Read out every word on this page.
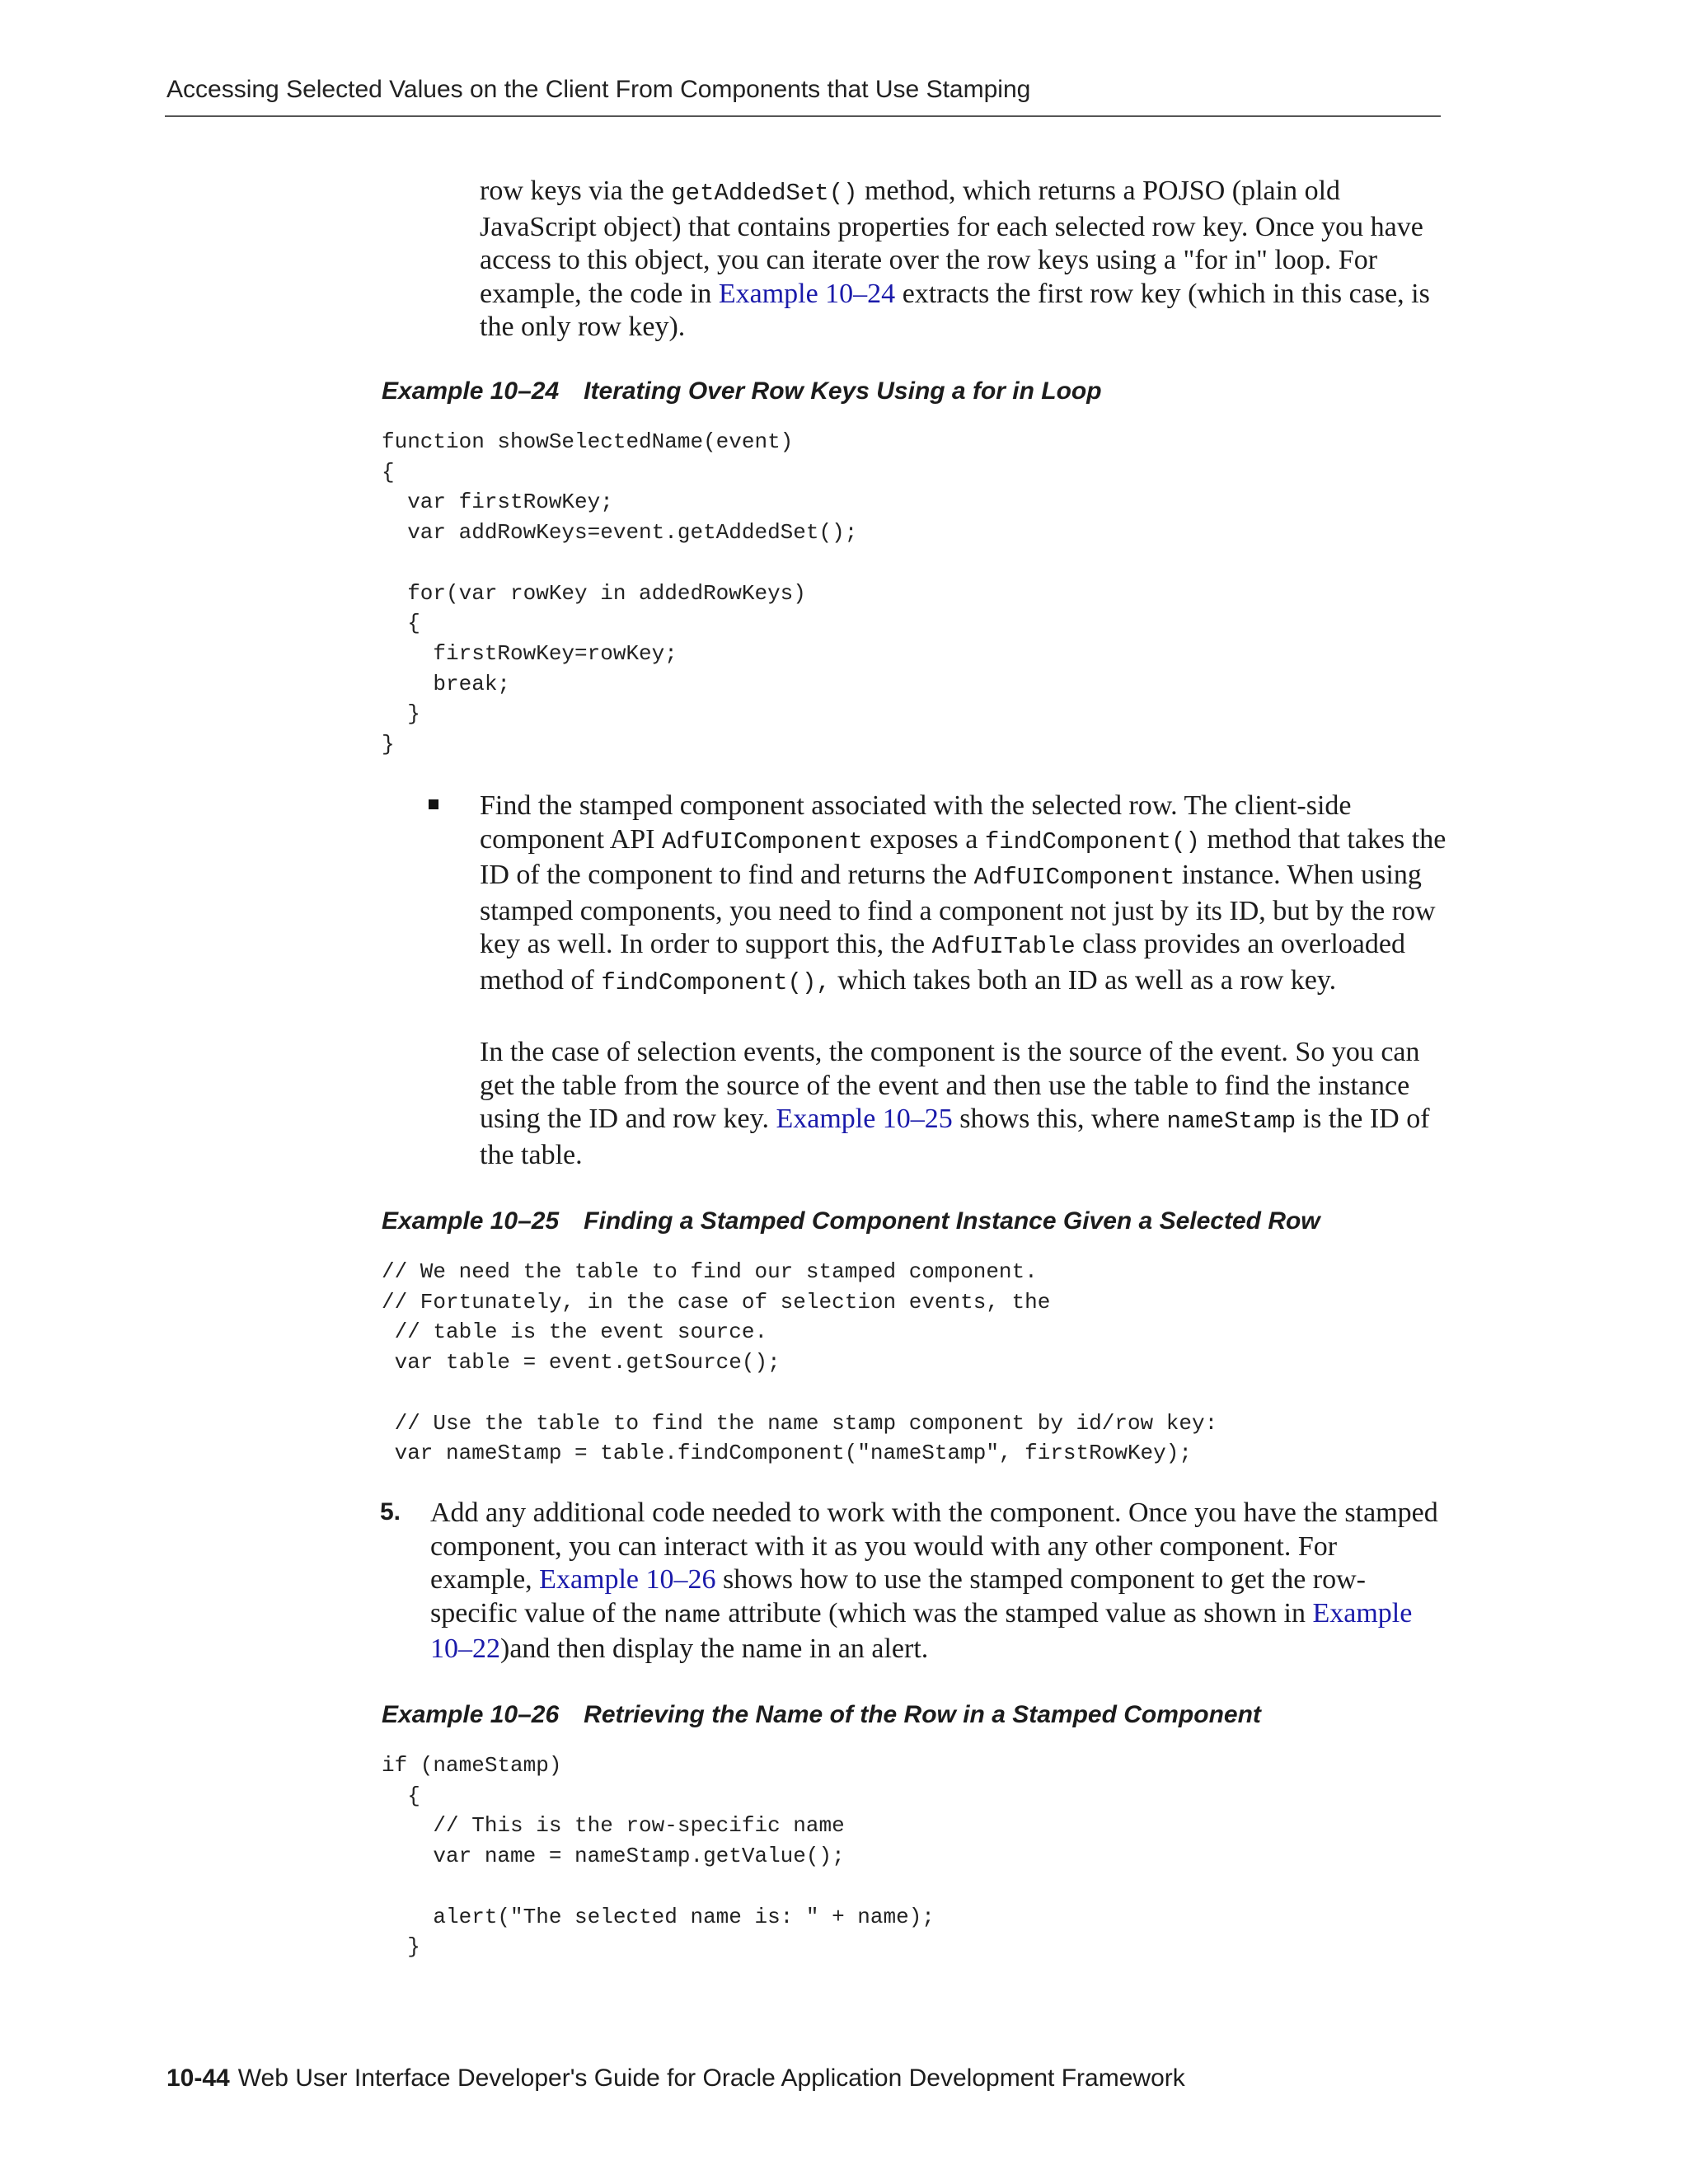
Accessing Selected Values on the Client From Components that Use Stamping

row keys via the getAddedSet() method, which returns a POJSO (plain old JavaScript object) that contains properties for each selected row key. Once you have access to this object, you can iterate over the row keys using a "for in" loop. For example, the code in Example 10–24 extracts the first row key (which in this case, is the only row key).

Example 10–24 Iterating Over Row Keys Using a for in Loop

function showSelectedName(event)
{
var firstRowKey;
var addRowKeys=event.getAddedSet();

for(var rowKey in addedRowKeys)
{
firstRowKey=rowKey;
break;
}
}

Find the stamped component associated with the selected row. The client-side component API AdfUIComponent exposes a findComponent() method that takes the ID of the component to find and returns the AdfUIComponent instance. When using stamped components, you need to find a component not just by its ID, but by the row key as well. In order to support this, the AdfUITable class provides an overloaded method of findComponent(), which takes both an ID as well as a row key.

In the case of selection events, the component is the source of the event. So you can get the table from the source of the event and then use the table to find the instance using the ID and row key. Example 10–25 shows this, where nameStamp is the ID of the table.

Example 10–25 Finding a Stamped Component Instance Given a Selected Row

// We need the table to find our stamped component.
// Fortunately, in the case of selection events, the
// table is the event source.
var table = event.getSource();

// Use the table to find the name stamp component by id/row key:
var nameStamp = table.findComponent("nameStamp", firstRowKey);
5. Add any additional code needed to work with the component. Once you have the stamped component, you can interact with it as you would with any other component. For example, Example 10–26 shows how to use the stamped component to get the row-specific value of the name attribute (which was the stamped value as shown in Example 10–22)and then display the name in an alert.

Example 10–26 Retrieving the Name of the Row in a Stamped Component

if (nameStamp)
{
// This is the row-specific name
var name = nameStamp.getValue();

alert("The selected name is: " + name);
}
10-44 Web User Interface Developer's Guide for Oracle Application Development Framework
